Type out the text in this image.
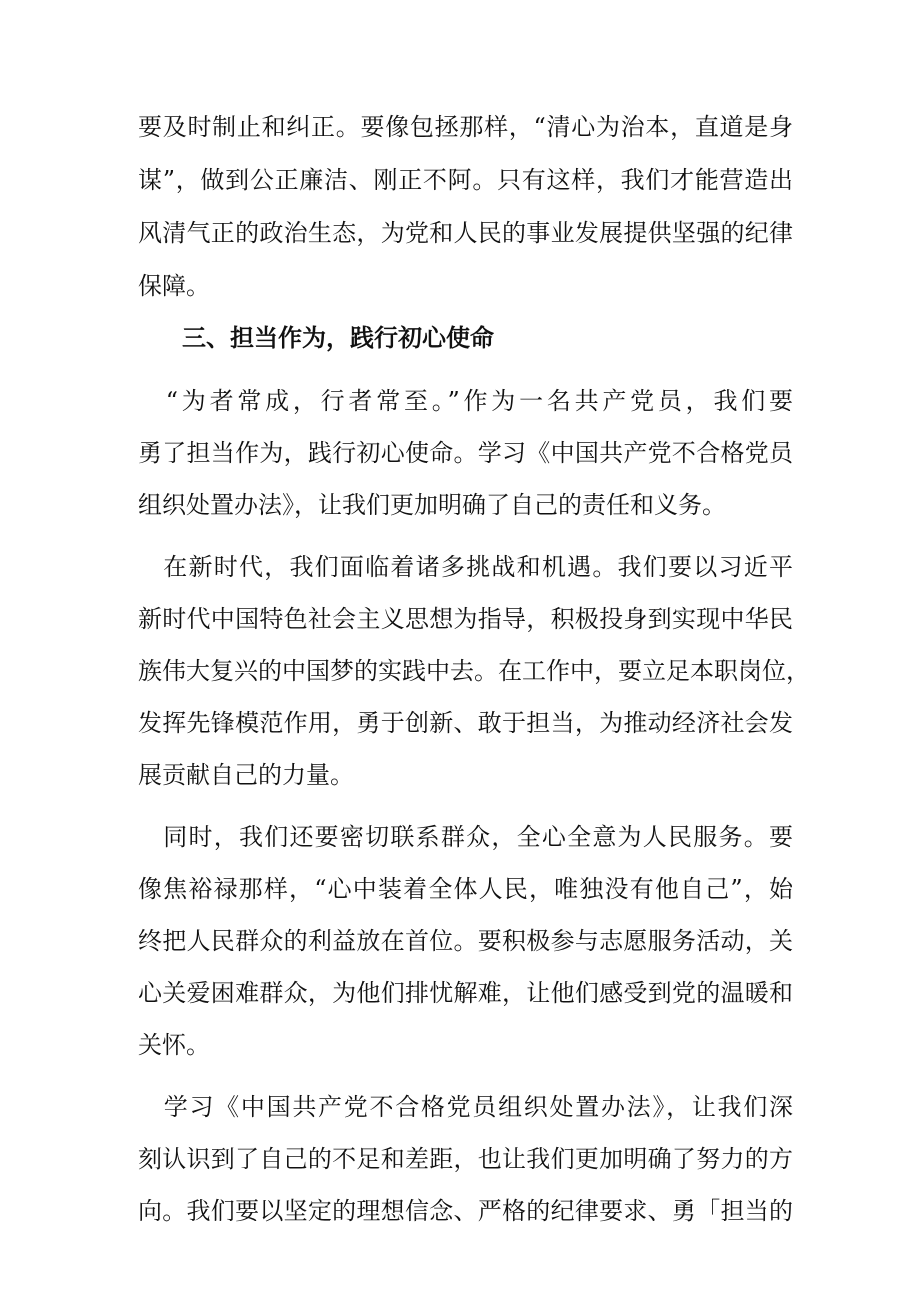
要及时制止和纠正。要像包拯那样，“清心为治本，直道是身
谋”，做到公正廉洁、刚正不阿。只有这样，我们才能营造出
风清气正的政治生态，为党和人民的事业发展提供坚强的纪律
保障。
三、担当作为，践行初心使命
　“为者常成，行者常至。”作为一名共产党员，我们要
勇了担当作为，践行初心使命。学习《中国共产党不合格党员
组织处置办法》，让我们更加明确了自己的责任和义务。
　在新时代，我们面临着诸多挑战和机遇。我们要以习近平
新时代中国特色社会主义思想为指导，积极投身到实现中华民
族伟大复兴的中国梦的实践中去。在工作中，要立足本职岗位，
发挥先锋模范作用，勇于创新、敢于担当，为推动经济社会发
展贡献自己的力量。
　同时，我们还要密切联系群众，全心全意为人民服务。要
像焦裕禄那样，“心中装着全体人民，唯独没有他自己”，始
终把人民群众的利益放在首位。要积极参与志愿服务活动，关
心关爱困难群众，为他们排忧解难，让他们感受到党的温暖和
关怀。
　学习《中国共产党不合格党员组织处置办法》，让我们深
刻认识到了自己的不足和差距，也让我们更加明确了努力的方
向。我们要以坚定的理想信念、严格的纪律要求、勇「担当的
